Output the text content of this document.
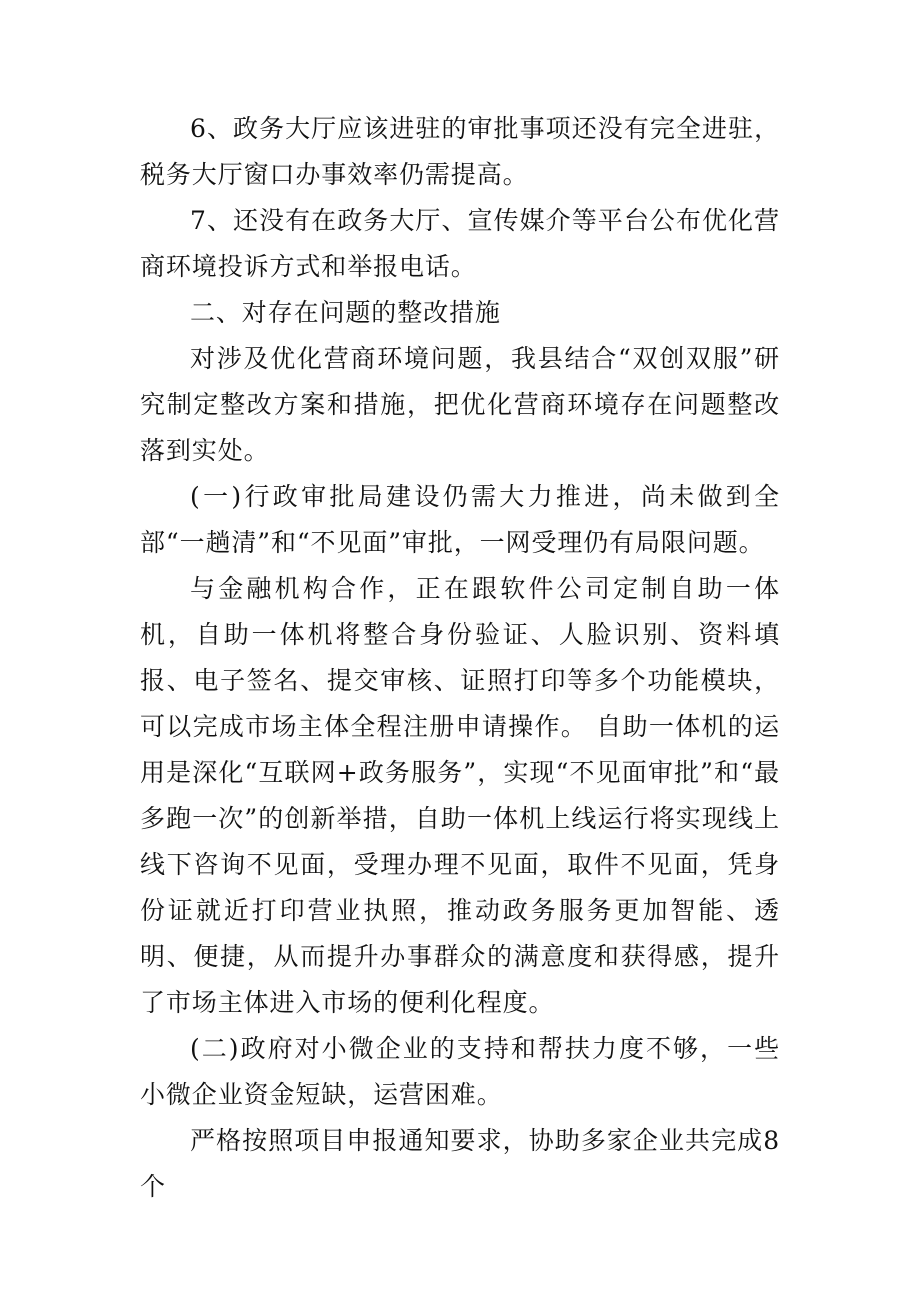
6、政务大厅应该进驻的审批事项还没有完全进驻，税务大厅窗口办事效率仍需提高。

7、还没有在政务大厅、宣传媒介等平台公布优化营商环境投诉方式和举报电话。

二、对存在问题的整改措施

对涉及优化营商环境问题，我县结合“双创双服”研究制定整改方案和措施，把优化营商环境存在问题整改落到实处。

(一)行政审批局建设仍需大力推进，尚未做到全部“一趟清”和“不见面”审批，一网受理仍有局限问题。

与金融机构合作，正在跟软件公司定制自助一体机，自助一体机将整合身份验证、人脸识别、资料填报、电子签名、提交审核、证照打印等多个功能模块，可以完成市场主体全程注册申请操作。 自助一体机的运用是深化“互联网+政务服务”，实现“不见面审批”和“最多跑一次”的创新举措，自助一体机上线运行将实现线上线下咨询不见面，受理办理不见面，取件不见面，凭身份证就近打印营业执照，推动政务服务更加智能、透明、便捷，从而提升办事群众的满意度和获得感，提升了市场主体进入市场的便利化程度。

(二)政府对小微企业的支持和帮扶力度不够，一些小微企业资金短缺，运营困难。

严格按照项目申报通知要求，协助多家企业共完成8个
